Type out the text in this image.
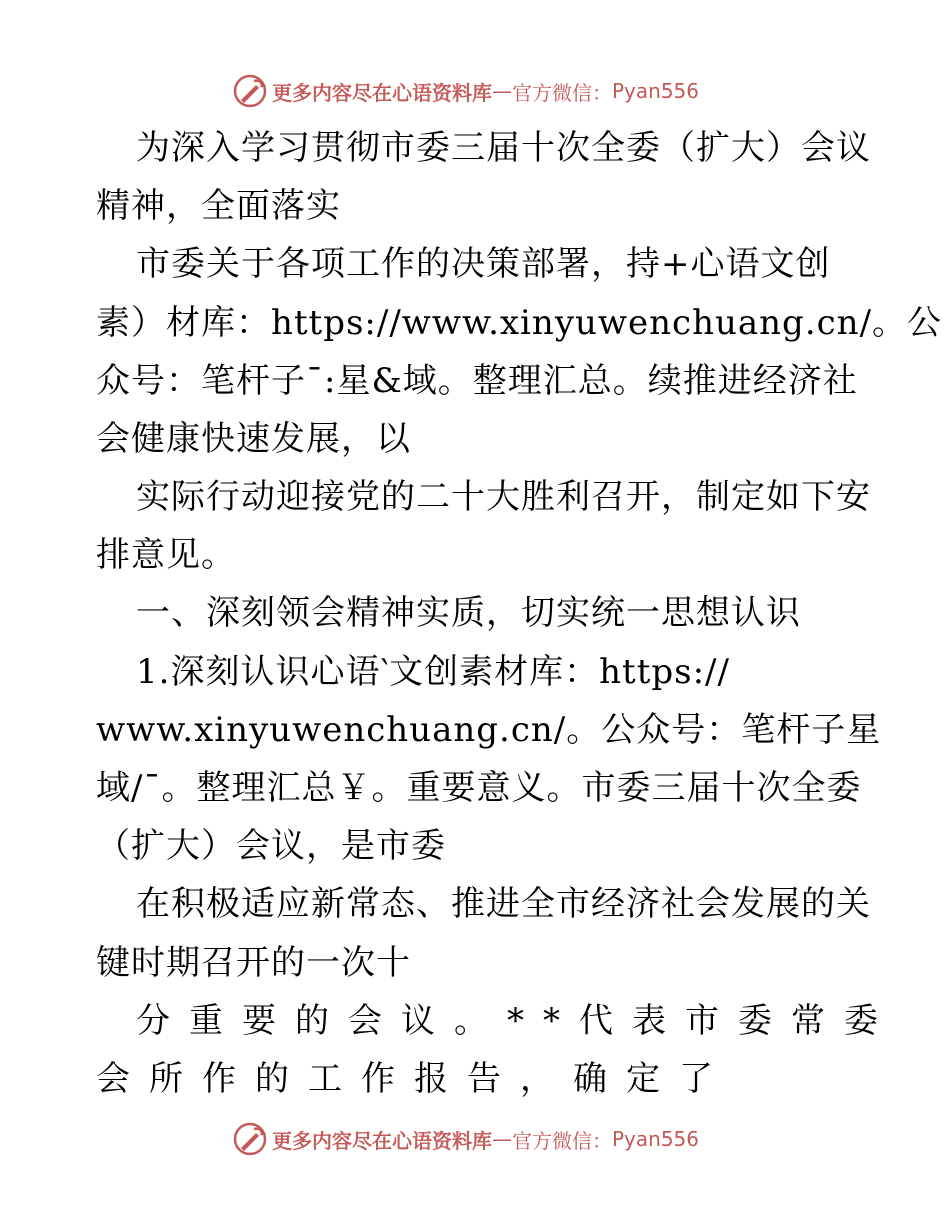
更多内容尽在心语资料库 — 官方微信： Pyan556
为深入学习贯彻市委三届十次全委（扩大）会议
精神，全面落实
市委关于各项工作的决策部署，持+心语文创
素）材库：https://www.xinyuwenchuang.cn/。公
众号：笔杆子¯:星&域。整理汇总。续推进经济社
会健康快速发展，以
实际行动迎接党的二十大胜利召开，制定如下安
排意见。
一、深刻领会精神实质，切实统一思想认识
1.深刻认识心语‵文创素材库：https://
www.xinyuwenchuang.cn/。公众号：笔杆子星
域/¯。整理汇总￥。重要意义。市委三届十次全委
（扩大）会议，是市委
在积极适应新常态、推进全市经济社会发展的关
键时期召开的一次十
分重要的会议。**代表市委常委
会所作的工作报告，确定了
更多内容尽在心语资料库 — 官方微信： Pyan556
